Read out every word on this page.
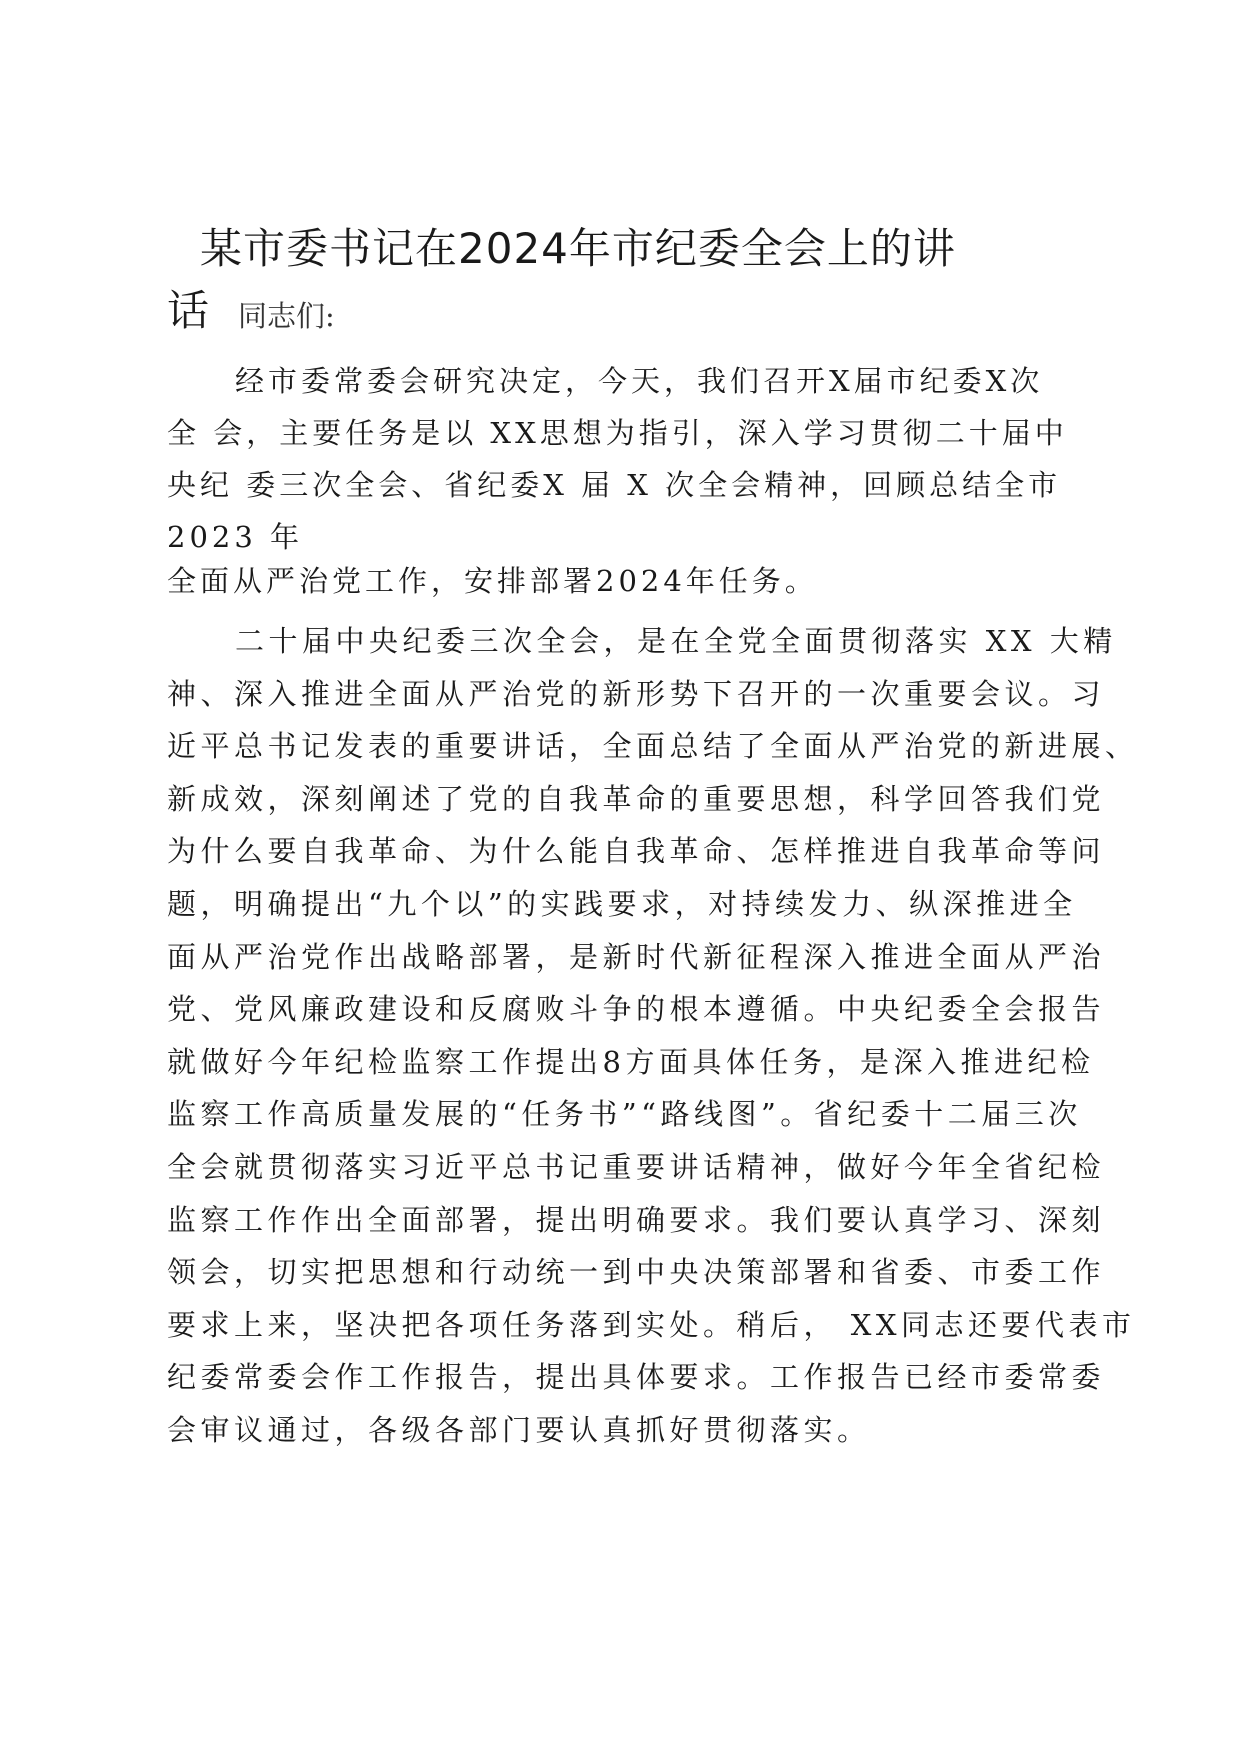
某市委书记在2024年市纪委全会上的讲
话 同志们:
经市委常委会研究决定，今天，我们召开X届市纪委X次
全 会，主要任务是以 XX思想为指引，深入学习贯彻二十届中
央纪 委三次全会、省纪委X 届 X 次全会精神，回顾总结全市
2023 年
全面从严治党工作，安排部署2024年任务。
二十届中央纪委三次全会，是在全党全面贯彻落实 XX 大精
神、深入推进全面从严治党的新形势下召开的一次重要会议。习
近平总书记发表的重要讲话，全面总结了全面从严治党的新进展、
新成效，深刻阐述了党的自我革命的重要思想，科学回答我们党
为什么要自我革命、为什么能自我革命、怎样推进自我革命等问
题，明确提出“九个以”的实践要求，对持续发力、纵深推进全
面从严治党作出战略部署，是新时代新征程深入推进全面从严治
党、党风廉政建设和反腐败斗争的根本遵循。中央纪委全会报告
就做好今年纪检监察工作提出8方面具体任务，是深入推进纪检
监察工作高质量发展的“任务书”“路线图”。省纪委十二届三次
全会就贯彻落实习近平总书记重要讲话精神，做好今年全省纪检
监察工作作出全面部署，提出明确要求。我们要认真学习、深刻
领会，切实把思想和行动统一到中央决策部署和省委、市委工作
要求上来，坚决把各项任务落到实处。稍后， XX同志还要代表市
纪委常委会作工作报告，提出具体要求。工作报告已经市委常委
会审议通过，各级各部门要认真抓好贯彻落实。
